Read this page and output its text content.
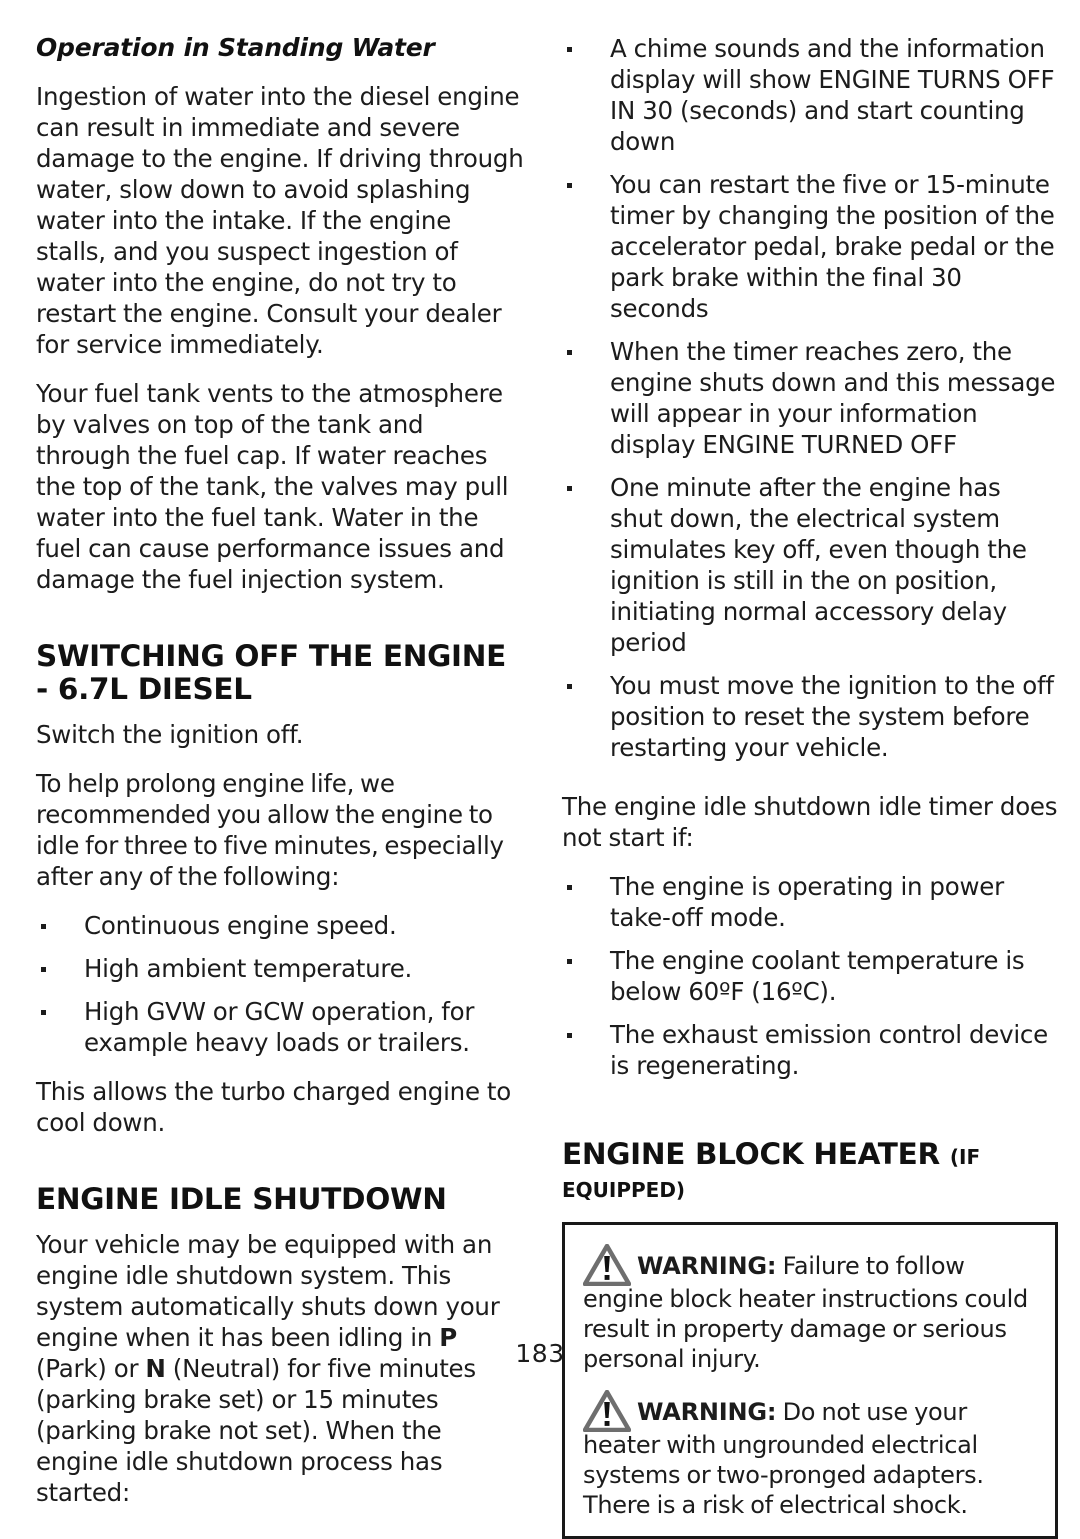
Operation in Standing Water

Ingestion of water into the diesel engine can result in immediate and severe damage to the engine. If driving through water, slow down to avoid splashing water into the intake. If the engine stalls, and you suspect ingestion of water into the engine, do not try to restart the engine. Consult your dealer for service immediately.

Your fuel tank vents to the atmosphere by valves on top of the tank and through the fuel cap. If water reaches the top of the tank, the valves may pull water into the fuel tank. Water in the fuel can cause performance issues and damage the fuel injection system.

SWITCHING OFF THE ENGINE - 6.7L DIESEL

Switch the ignition off.

To help prolong engine life, we recommended you allow the engine to idle for three to five minutes, especially after any of the following:

Continuous engine speed.
High ambient temperature.
High GVW or GCW operation, for example heavy loads or trailers.

This allows the turbo charged engine to cool down.

ENGINE IDLE SHUTDOWN

Your vehicle may be equipped with an engine idle shutdown system. This system automatically shuts down your engine when it has been idling in P (Park) or N (Neutral) for five minutes (parking brake set) or 15 minutes (parking brake not set). When the engine idle shutdown process has started:

A chime sounds and the information display will show ENGINE TURNS OFF IN 30 (seconds) and start counting down
You can restart the five or 15-minute timer by changing the position of the accelerator pedal, brake pedal or the park brake within the final 30 seconds
When the timer reaches zero, the engine shuts down and this message will appear in your information display ENGINE TURNED OFF
One minute after the engine has shut down, the electrical system simulates key off, even though the ignition is still in the on position, initiating normal accessory delay period
You must move the ignition to the off position to reset the system before restarting your vehicle.

The engine idle shutdown idle timer does not start if:

The engine is operating in power take-off mode.
The engine coolant temperature is below 60ºF (16ºC).
The exhaust emission control device is regenerating.
ENGINE BLOCK HEATER (IF EQUIPPED)

WARNING: Failure to follow engine block heater instructions could result in property damage or serious personal injury.

WARNING: Do not use your heater with ungrounded electrical systems or two-pronged adapters. There is a risk of electrical shock.

183
